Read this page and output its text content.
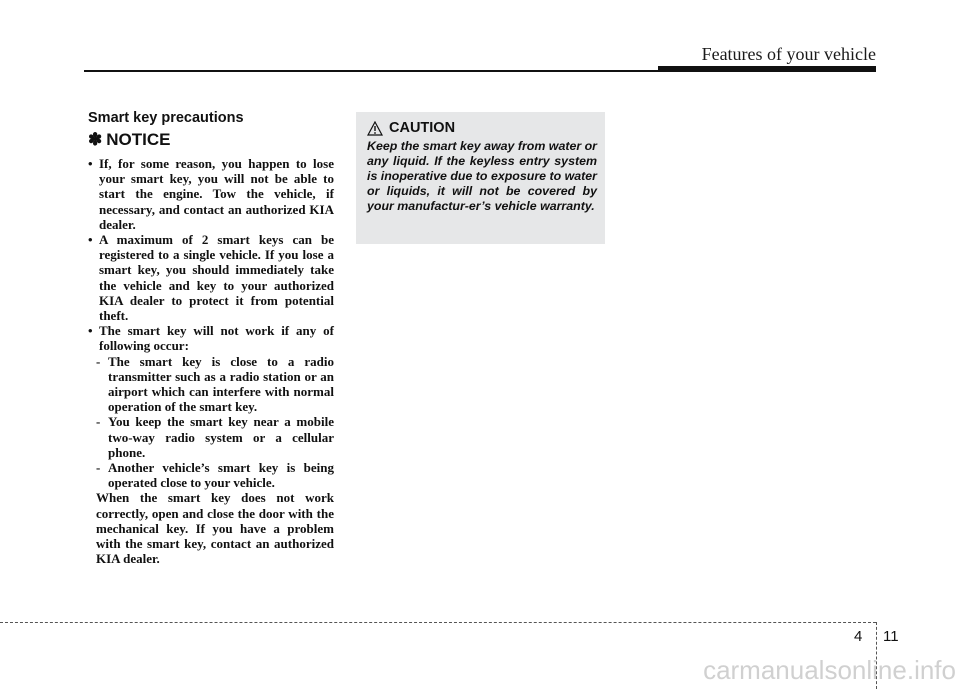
Features of your vehicle
Smart key precautions
✽ NOTICE

• If, for some reason, you happen to lose your smart key, you will not be able to start the engine. Tow the vehicle, if necessary, and contact an authorized KIA dealer.

• A maximum of 2 smart keys can be registered to a single vehicle. If you lose a smart key, you should immediately take the vehicle and key to your authorized KIA dealer to protect it from potential theft.

• The smart key will not work if any of following occur:

- The smart key is close to a radio transmitter such as a radio station or an airport which can interfere with normal operation of the smart key.

- You keep the smart key near a mobile two-way radio system or a cellular phone.

- Another vehicle’s smart key is being operated close to your vehicle.

When the smart key does not work correctly, open and close the door with the mechanical key. If you have a problem with the smart key, contact an authorized KIA dealer.

CAUTION

Keep the smart key away from water or any liquid. If the keyless entry system is inoperative due to exposure to water or liquids, it will not be covered by your manufactur-er’s vehicle warranty.

4 11
carmanualsonline.info
